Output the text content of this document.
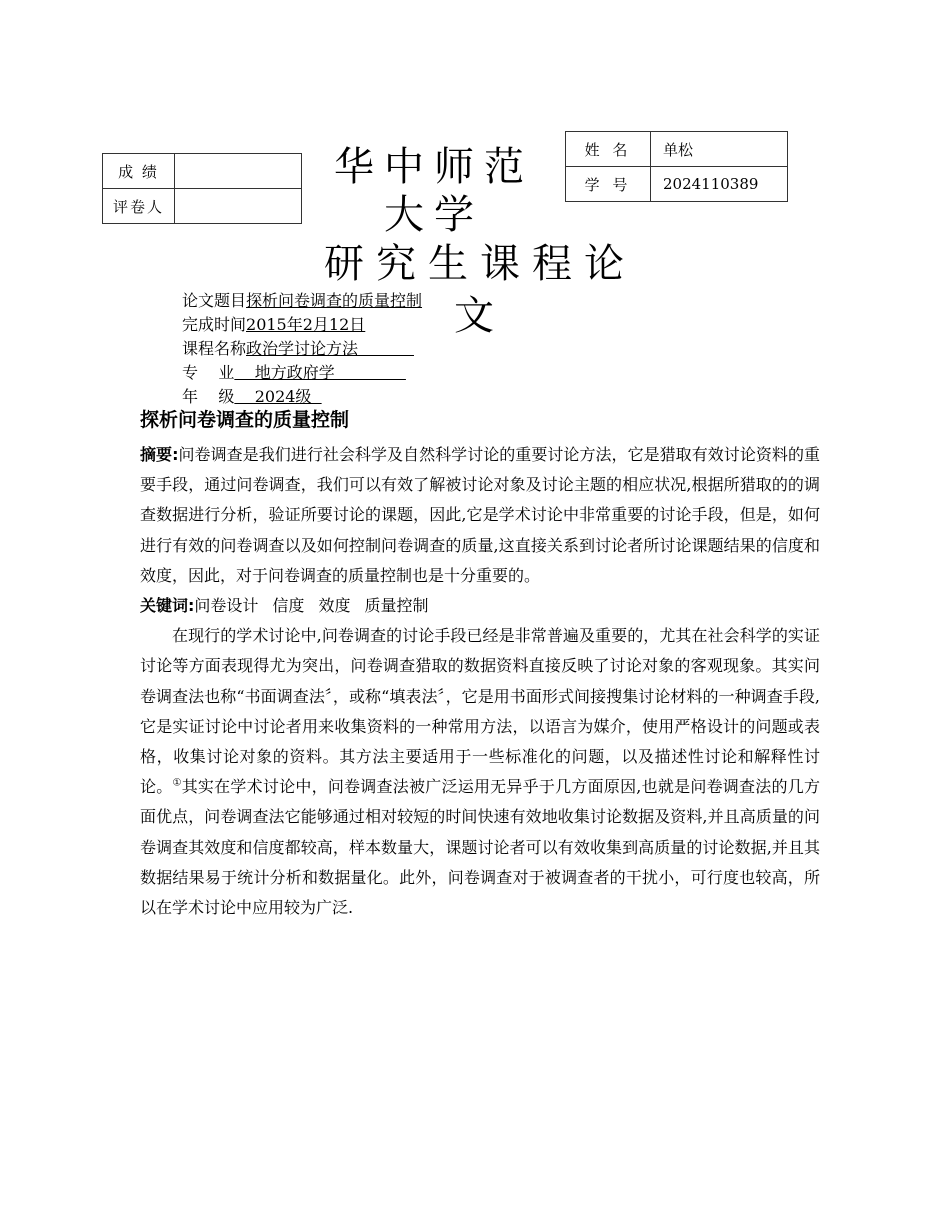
成 绩	
评卷人	
姓 名	单松
学 号	2024110389
华中师范
大学
研究生课程论文
论文题目探析问卷调查的质量控制
完成时间2015年2月12日
课程名称政治学讨论方法
专    业    地方政府学
年    级    2024级
探析问卷调查的质量控制

摘要:问卷调查是我们进行社会科学及自然科学讨论的重要讨论方法，它是猎取有效讨论资料的重要手段，通过问卷调查，我们可以有效了解被讨论对象及讨论主题的相应状况,根据所猎取的的调查数据进行分析，验证所要讨论的课题，因此,它是学术讨论中非常重要的讨论手段，但是，如何进行有效的问卷调查以及如何控制问卷调查的质量,这直接关系到讨论者所讨论课题结果的信度和效度，因此，对于问卷调查的质量控制也是十分重要的。

关键词:问卷设计 信度 效度 质量控制

在现行的学术讨论中,问卷调查的讨论手段已经是非常普遍及重要的，尤其在社会科学的实证讨论等方面表现得尤为突出，问卷调查猎取的数据资料直接反映了讨论对象的客观现象。其实问卷调查法也称“书面调查法〞，或称“填表法〞，它是用书面形式间接搜集讨论材料的一种调查手段,它是实证讨论中讨论者用来收集资料的一种常用方法，以语言为媒介，使用严格设计的问题或表格，收集讨论对象的资料。其方法主要适用于一些标准化的问题，以及描述性讨论和解释性讨论。①其实在学术讨论中，问卷调查法被广泛运用无异乎于几方面原因,也就是问卷调查法的几方面优点，问卷调查法它能够通过相对较短的时间快速有效地收集讨论数据及资料,并且高质量的问卷调查其效度和信度都较高，样本数量大，课题讨论者可以有效收集到高质量的讨论数据,并且其数据结果易于统计分析和数据量化。此外，问卷调查对于被调查者的干扰小，可行度也较高，所以在学术讨论中应用较为广泛.
